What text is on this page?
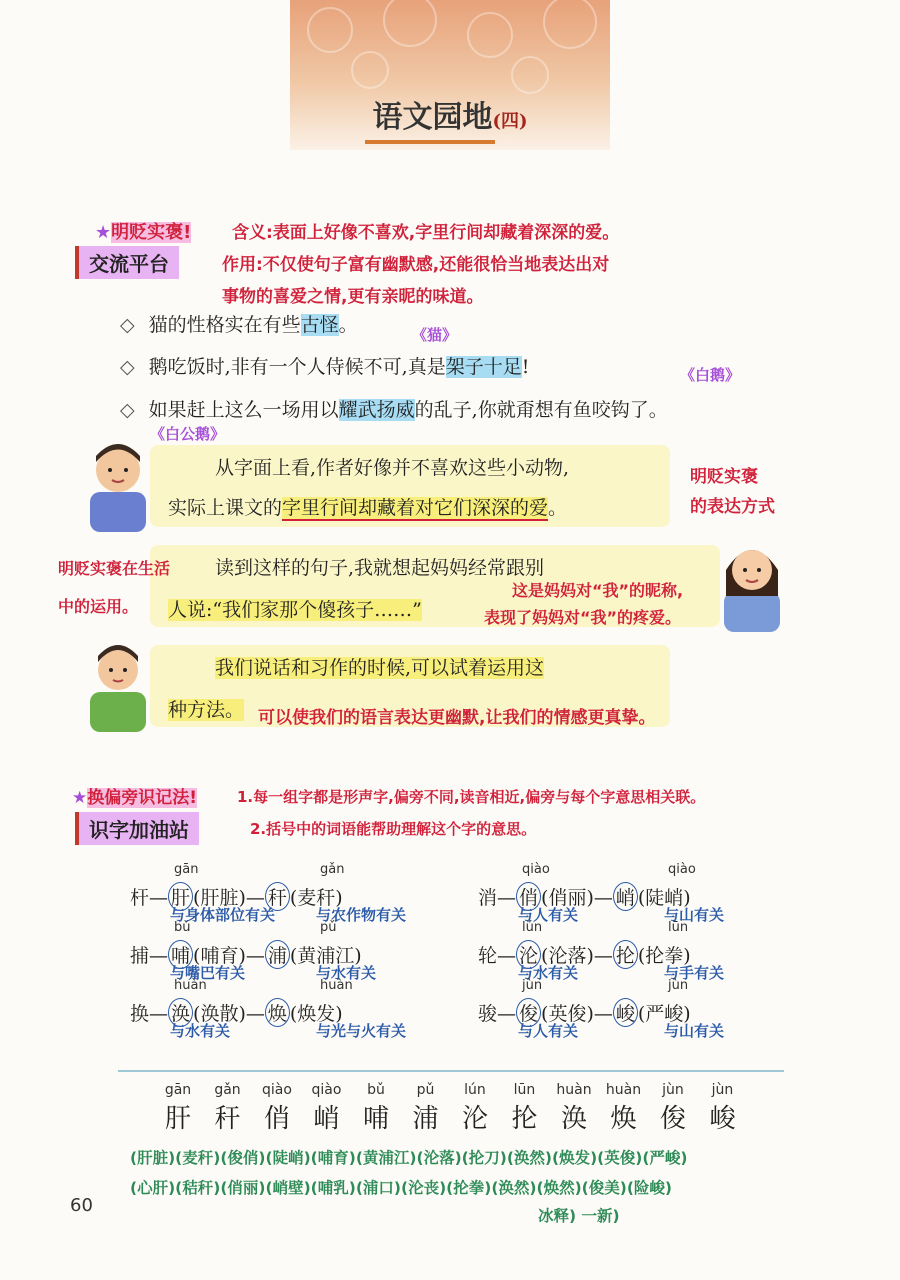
语文园地(四)
★明贬实褒! 含义:表面上好像不喜欢,字里行间却藏着深深的爱。
交流平台	作用:不仅使句子富有幽默感,还能很恰当地表达出对
事物的喜爱之情,更有亲昵的味道。
◇ 猫的性格实在有些古怪。	《猫》
◇ 鹅吃饭时,非有一个人侍候不可,真是架子十足!	《白鹅》
◇ 如果赶上这么一场用以耀武扬威的乱子,你就甭想有鱼咬钩了。
《白公鹅》
从字面上看,作者好像并不喜欢这些小动物,
实际上课文的字里行间却藏着对它们深深的爱。
明贬实褒
的表达方式
明贬实褒在生活
中的运用。
读到这样的句子,我就想起妈妈经常跟别
人说:“我们家那个傻孩子……”
这是妈妈对“我”的昵称,
表现了妈妈对“我”的疼爱。
我们说话和习作的时候,可以试着运用这
种方法。 可以使我们的语言表达更幽默,让我们的情感更真挚。
★换偏旁识记法!	1.每一组字都是形声字,偏旁不同,读音相近,偏旁与每个字意思相关联。
识字加油站	2.括号中的词语能帮助理解这个字的意思。
gān	gǎn
杆— 肝 (肝脏)— 秆 (麦秆)
与身体部位有关	与农作物有关
qiào	qiào
消— 俏 (俏丽)— 峭 (陡峭)
与人有关	与山有关
bǔ	pǔ
捕— 哺 (哺育)— 浦 (黄浦江)
与嘴巴有关	与水有关
lún	lūn
轮— 沦 (沦落)— 抡 (抡拳)
与水有关	与手有关
huàn	huàn
换— 涣 (涣散)— 焕 (焕发)
与水有关	与光与火有关
jùn	jùn
骏— 俊 (英俊)— 峻 (严峻)
与人有关	与山有关
gān
肝
gǎn
秆
qiào
俏
qiào
峭
bǔ
哺
pǔ
浦
lún
沦
lūn
抡
huàn
涣
huàn
焕
jùn
俊
jùn
峻
(肝脏)(麦秆)(俊俏)(陡峭)(哺育)(黄浦江)(沦落)(抡刀)(涣然)(焕发)(英俊)(严峻)
(心肝)(秸秆)(俏丽)(峭壁)(哺乳)(浦口)(沦丧)(抡拳)(涣然)(焕然)(俊美)(险峻)
冰释) 一新)
60
